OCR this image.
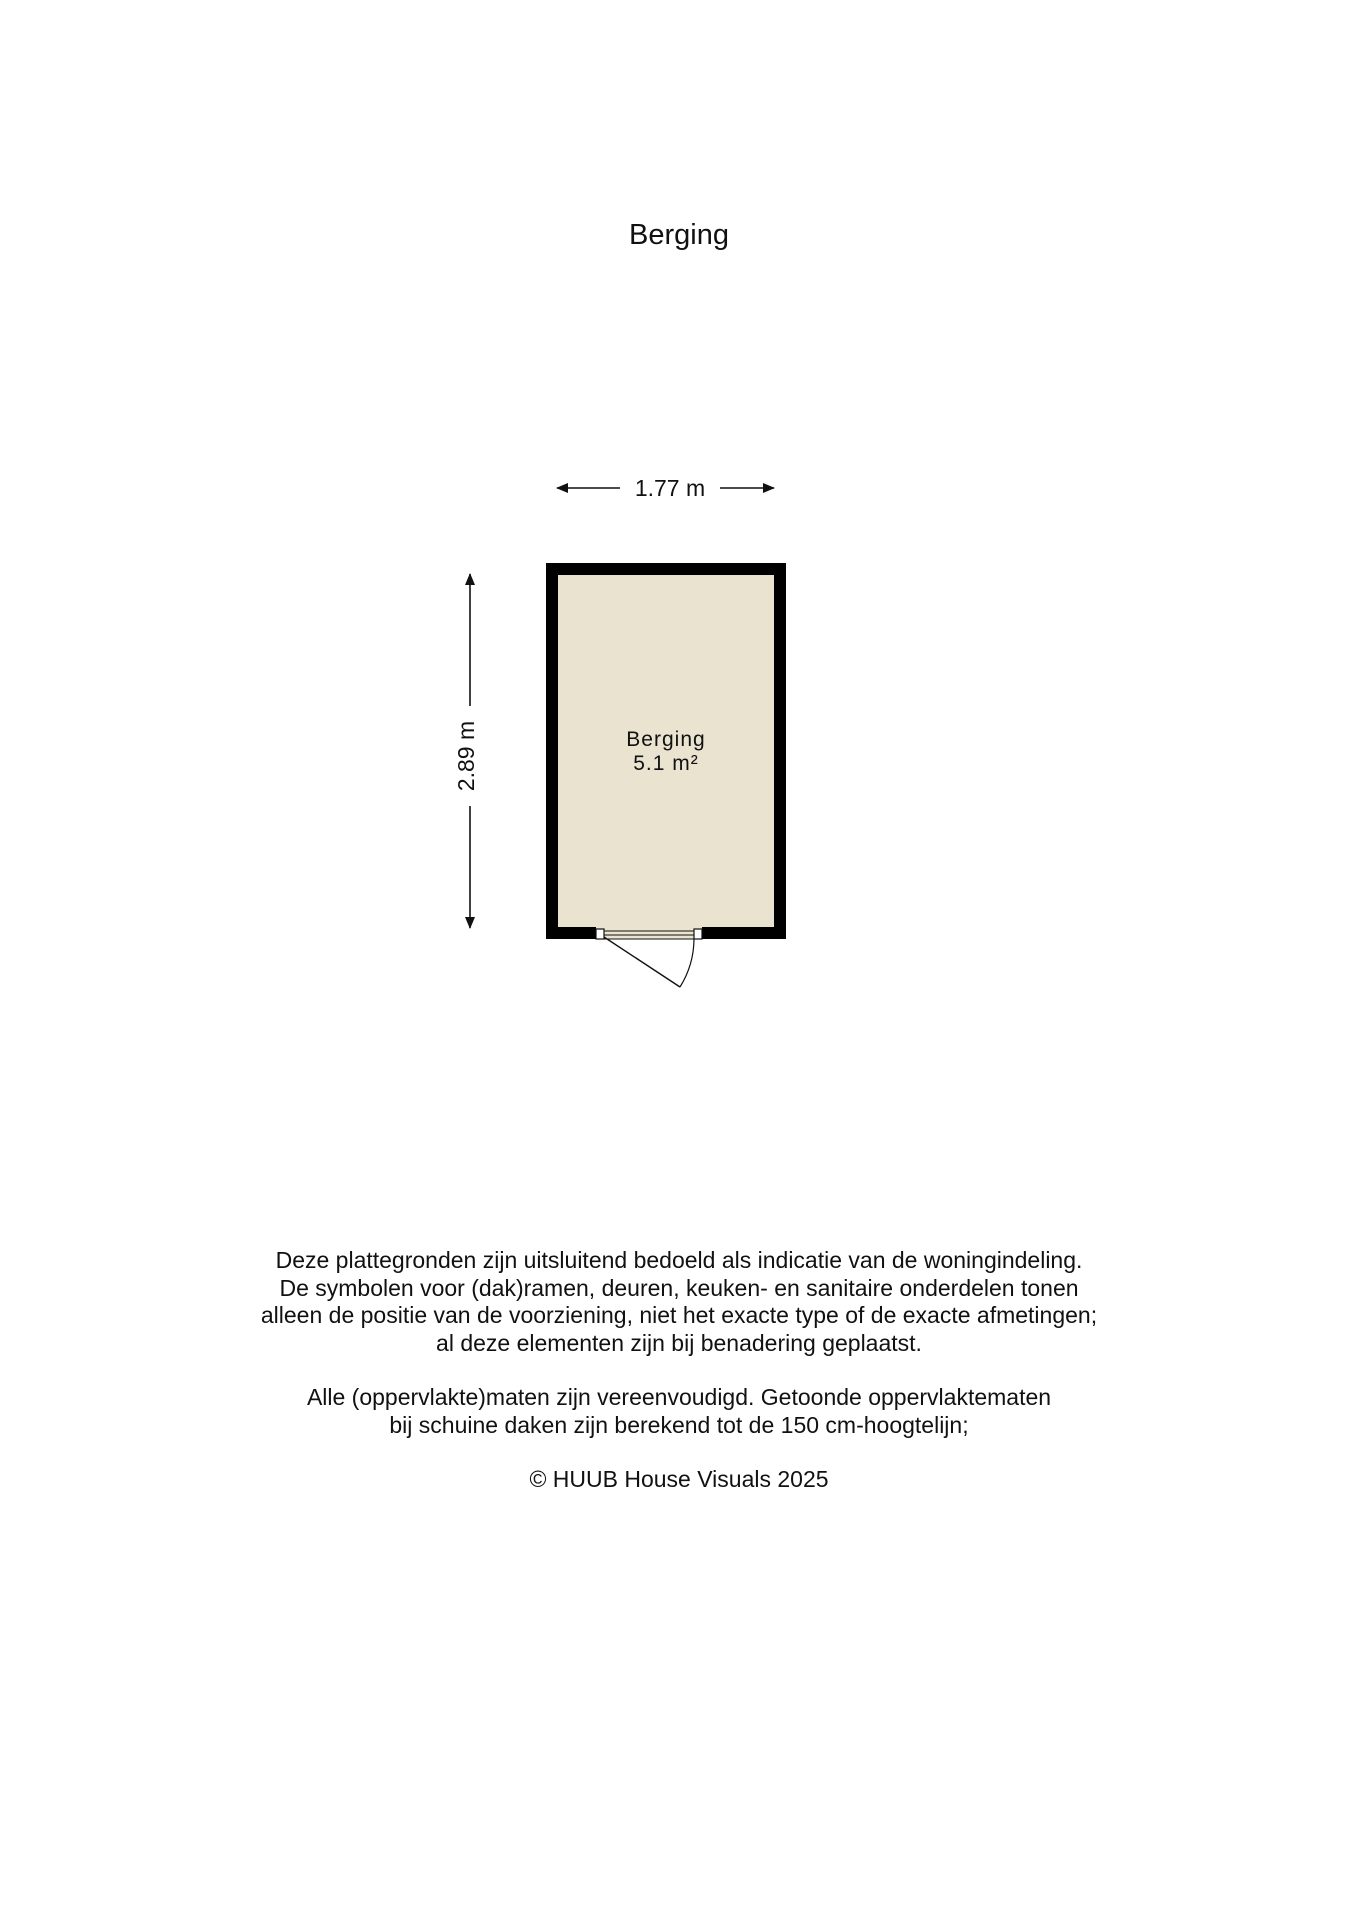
Berging
1.77 m
2.89 m	Berging
5.1 m²

Deze plattegronden zijn uitsluitend bedoeld als indicatie van de woningindeling.

De symbolen voor (dak)ramen, deuren, keuken- en sanitaire onderdelen tonen

alleen de positie van de voorziening, niet het exacte type of de exacte afmetingen;

al deze elementen zijn bij benadering geplaatst.

Alle (oppervlakte)maten zijn vereenvoudigd. Getoonde oppervlaktematen

bij schuine daken zijn berekend tot de 150 cm-hoogtelijn;

© HUUB House Visuals 2025
